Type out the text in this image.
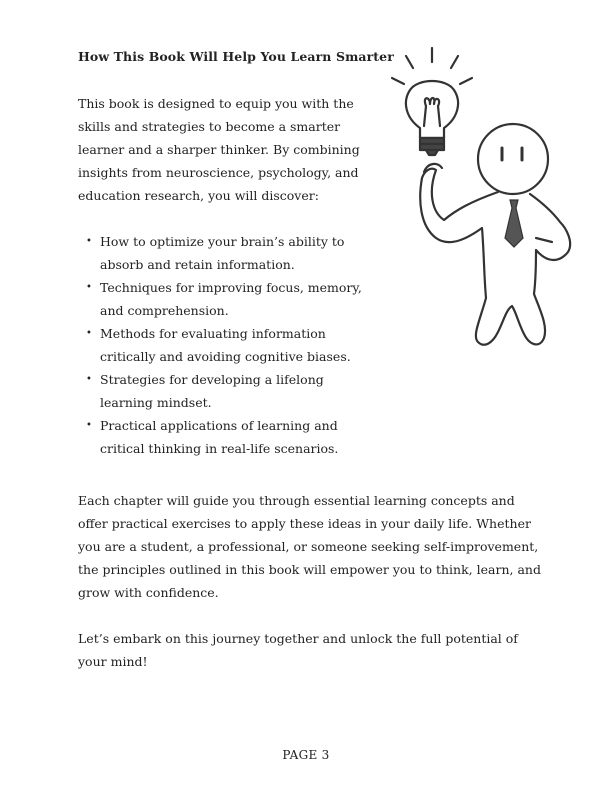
How This Book Will Help You Learn Smarter
This book is designed to equip you with the skills and strategies to become a smarter learner and a sharper thinker. By combining insights from neuroscience, psychology, and education research, you will discover:
• How to optimize your brain’s ability to absorb and retain information.
• Techniques for improving focus, memory, and comprehension.
• Methods for evaluating information critically and avoiding cognitive biases.
• Strategies for developing a lifelong learning mindset.
• Practical applications of learning and critical thinking in real-life scenarios.
Each chapter will guide you through essential learning concepts and offer practical exercises to apply these ideas in your daily life. Whether you are a student, a professional, or someone seeking self-improvement, the principles outlined in this book will empower you to think, learn, and grow with confidence.
Let’s embark on this journey together and unlock the full potential of your mind!
PAGE 3
